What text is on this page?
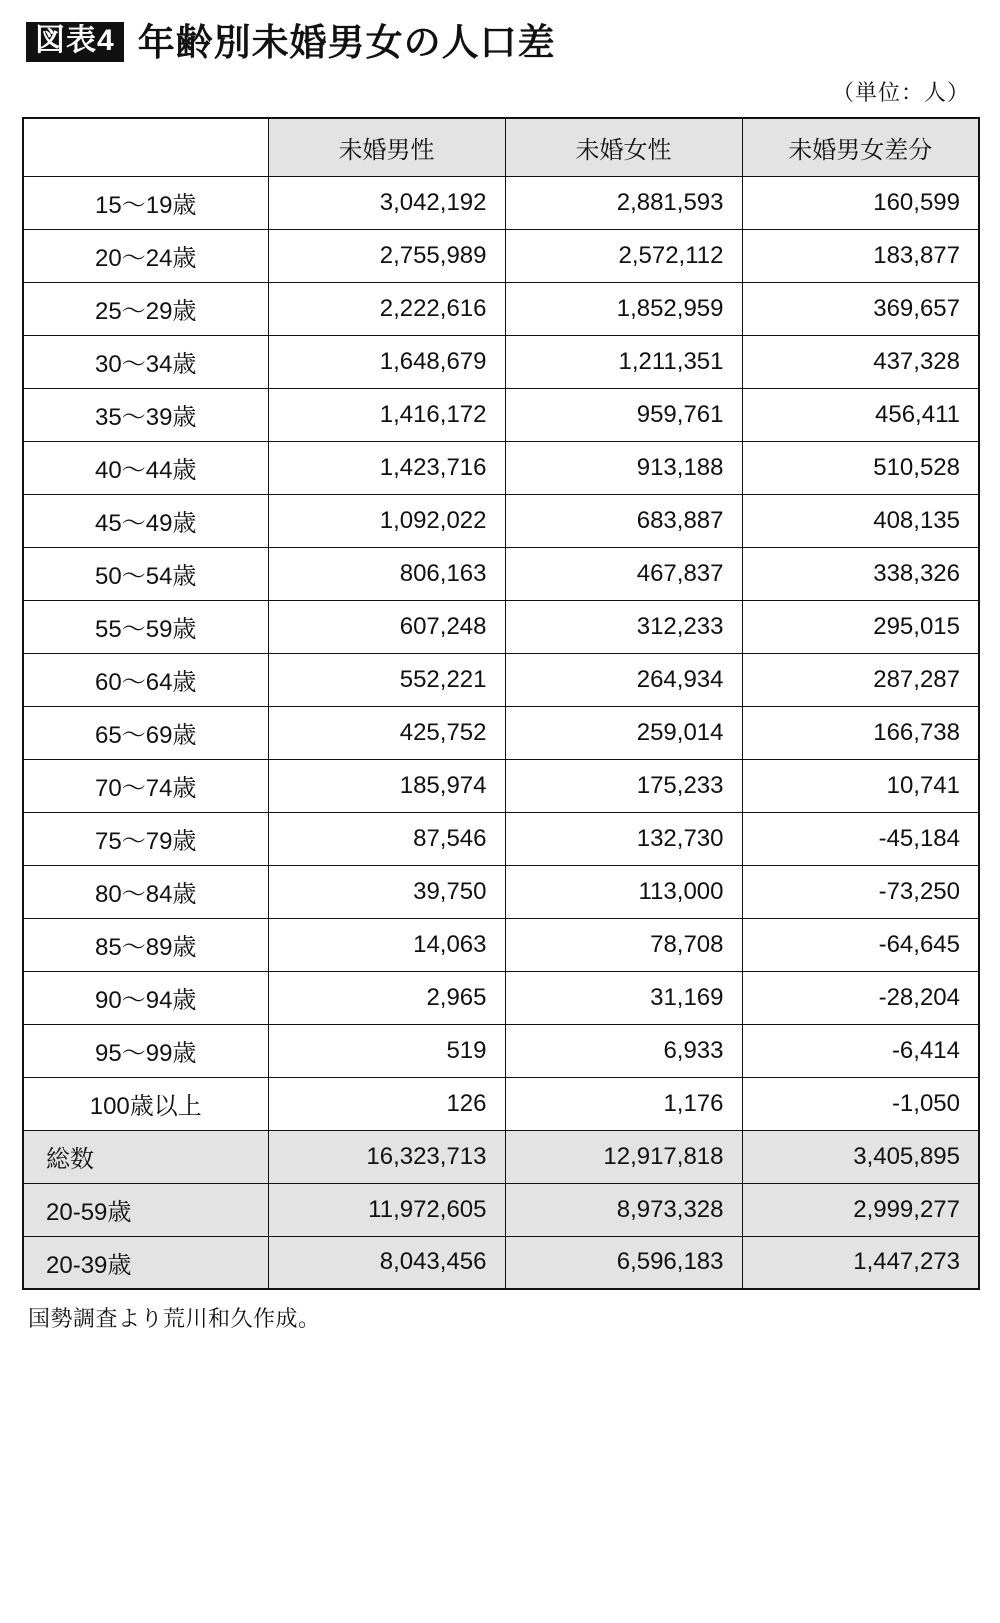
図表4 年齢別未婚男女の人口差
（単位：人）
	未婚男性	未婚女性	未婚男女差分
15〜19歳	3,042,192	2,881,593	160,599
20〜24歳	2,755,989	2,572,112	183,877
25〜29歳	2,222,616	1,852,959	369,657
30〜34歳	1,648,679	1,211,351	437,328
35〜39歳	1,416,172	959,761	456,411
40〜44歳	1,423,716	913,188	510,528
45〜49歳	1,092,022	683,887	408,135
50〜54歳	806,163	467,837	338,326
55〜59歳	607,248	312,233	295,015
60〜64歳	552,221	264,934	287,287
65〜69歳	425,752	259,014	166,738
70〜74歳	185,974	175,233	10,741
75〜79歳	87,546	132,730	-45,184
80〜84歳	39,750	113,000	-73,250
85〜89歳	14,063	78,708	-64,645
90〜94歳	2,965	31,169	-28,204
95〜99歳	519	6,933	-6,414
100歳以上	126	1,176	-1,050
総数	16,323,713	12,917,818	3,405,895
20-59歳	11,972,605	8,973,328	2,999,277
20-39歳	8,043,456	6,596,183	1,447,273
国勢調査より荒川和久作成。
